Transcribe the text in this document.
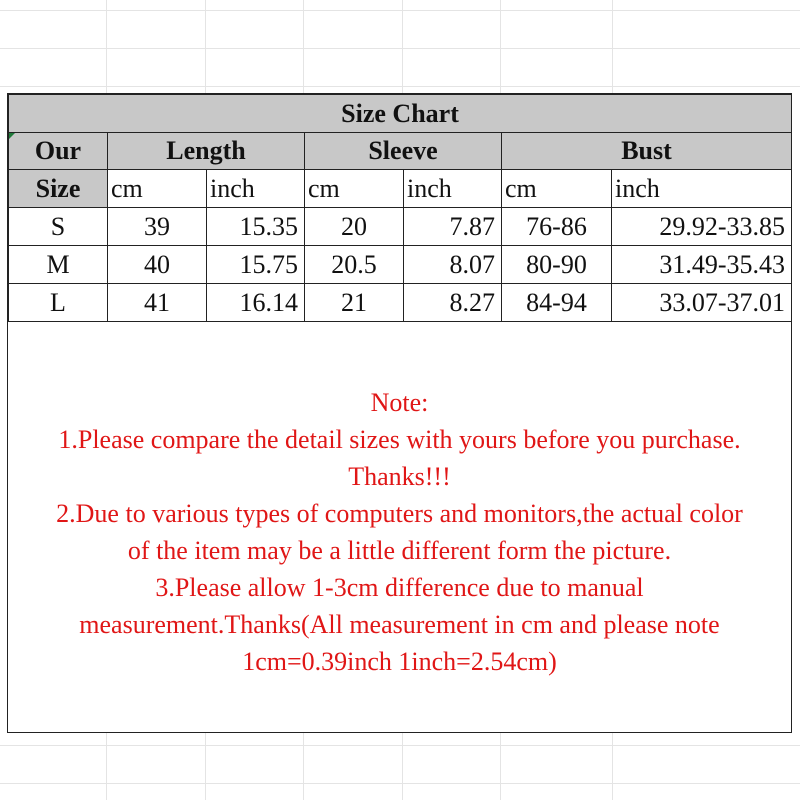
Size Chart						
Our	Length		Sleeve		Bust	
Size	cm	inch	cm	inch	cm	inch
S	39	15.35	20	7.87	76-86	29.92-33.85
M	40	15.75	20.5	8.07	80-90	31.49-35.43
L	41	16.14	21	8.27	84-94	33.07-37.01
Note:
1.Please compare the detail sizes with yours before you purchase.
Thanks!!!
2.Due to various types of computers and monitors,the actual color
of the item may be a little different form the picture.
3.Please allow 1-3cm difference due to manual
measurement.Thanks(All measurement in cm and please note
1cm=0.39inch 1inch=2.54cm)
